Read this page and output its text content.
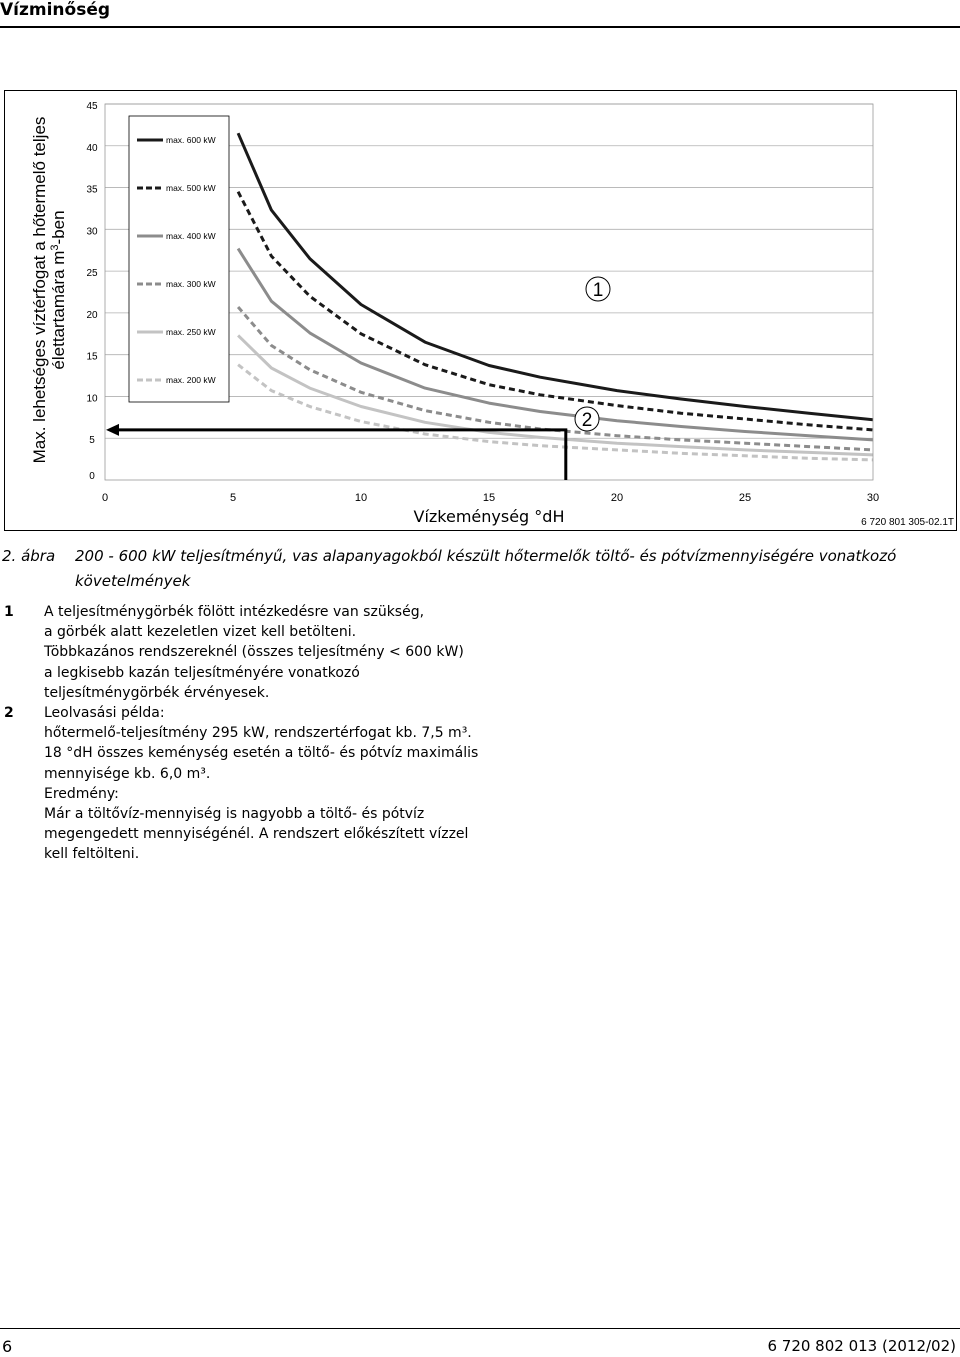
Vízminőség
0
5
10
15
20
25
30
35
40
45
0	5	10	15	20	25	30
max. 600 kW
max. 500 kW
max. 400 kW
max. 300 kW
max. 250 kW
max. 200 kW
1
2
Max. lehetséges víztérfogat a hőtermelő teljes élettartamára $m^3$-ben
Vízkeménység °dH	6 720 801 305-02.1T
2. ábra 200 - 600 kW teljesítményű, vas alapanyagokból készült hőtermelők töltő- és pótvízmennyiségére vonatkozó követelmények
1 A teljesítménygörbék fölött intézkedésre van szükség,

a görbék alatt kezeletlen vizet kell betölteni.

Többkazános rendszereknél (összes teljesítmény < 600 kW)

a legkisebb kazán teljesítményére vonatkozó

teljesítménygörbék érvényesek.

2 Leolvasási példa:

hőtermelő-teljesítmény 295 kW, rendszertérfogat kb. 7,5 m³.

18 °dH összes keménység esetén a töltő- és pótvíz maximális

mennyisége kb. 6,0 m³.

Eredmény:

Már a töltővíz-mennyiség is nagyobb a töltő- és pótvíz

megengedett mennyiségénél. A rendszert előkészített vízzel

kell feltölteni.

6	6 720 802 013 (2012/02)
